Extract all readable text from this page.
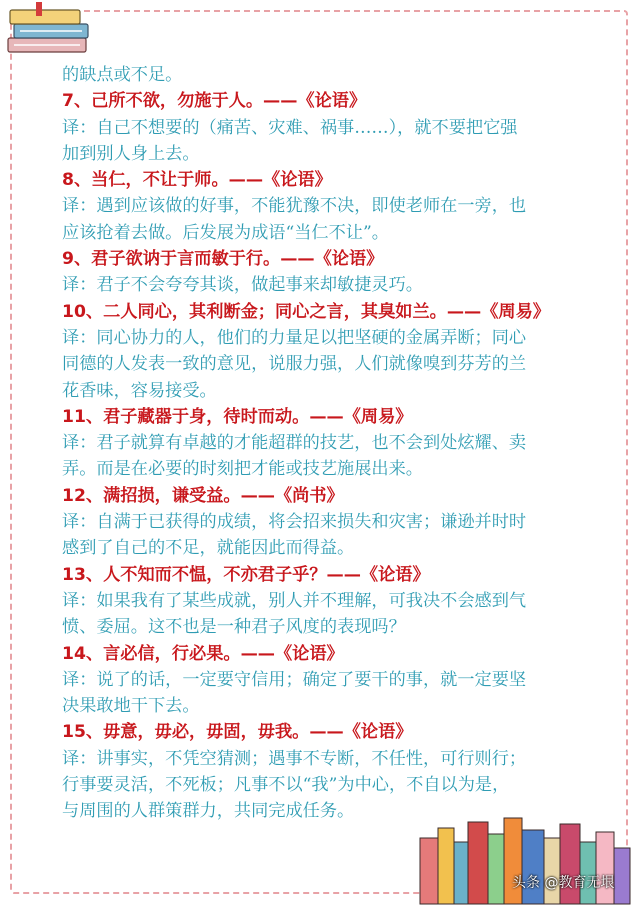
的缺点或不足。
7、己所不欲，勿施于人。——《论语》
译：自己不想要的（痛苦、灾难、祸事……），就不要把它强
加到别人身上去。
8、当仁，不让于师。——《论语》
译：遇到应该做的好事，不能犹豫不决，即使老师在一旁，也
应该抢着去做。后发展为成语“当仁不让”。
9、君子欲讷于言而敏于行。——《论语》
译：君子不会夸夸其谈，做起事来却敏捷灵巧。
10、二人同心，其利断金；同心之言，其臭如兰。——《周易》
译：同心协力的人，他们的力量足以把坚硬的金属弄断；同心
同德的人发表一致的意见，说服力强，人们就像嗅到芬芳的兰
花香味，容易接受。
11、君子藏器于身，待时而动。——《周易》
译：君子就算有卓越的才能超群的技艺，也不会到处炫耀、卖
弄。而是在必要的时刻把才能或技艺施展出来。
12、满招损，谦受益。——《尚书》
译：自满于已获得的成绩，将会招来损失和灾害；谦逊并时时
感到了自己的不足，就能因此而得益。
13、人不知而不愠，不亦君子乎？——《论语》
译：如果我有了某些成就，别人并不理解，可我决不会感到气
愤、委屈。这不也是一种君子风度的表现吗？
14、言必信，行必果。——《论语》
译：说了的话，一定要守信用；确定了要干的事，就一定要坚
决果敢地干下去。
15、毋意，毋必，毋固，毋我。——《论语》
译：讲事实，不凭空猜测；遇事不专断，不任性，可行则行；
行事要灵活，不死板；凡事不以“我”为中心，不自以为是，
与周围的人群策群力，共同完成任务。
头条 @教育无垠
